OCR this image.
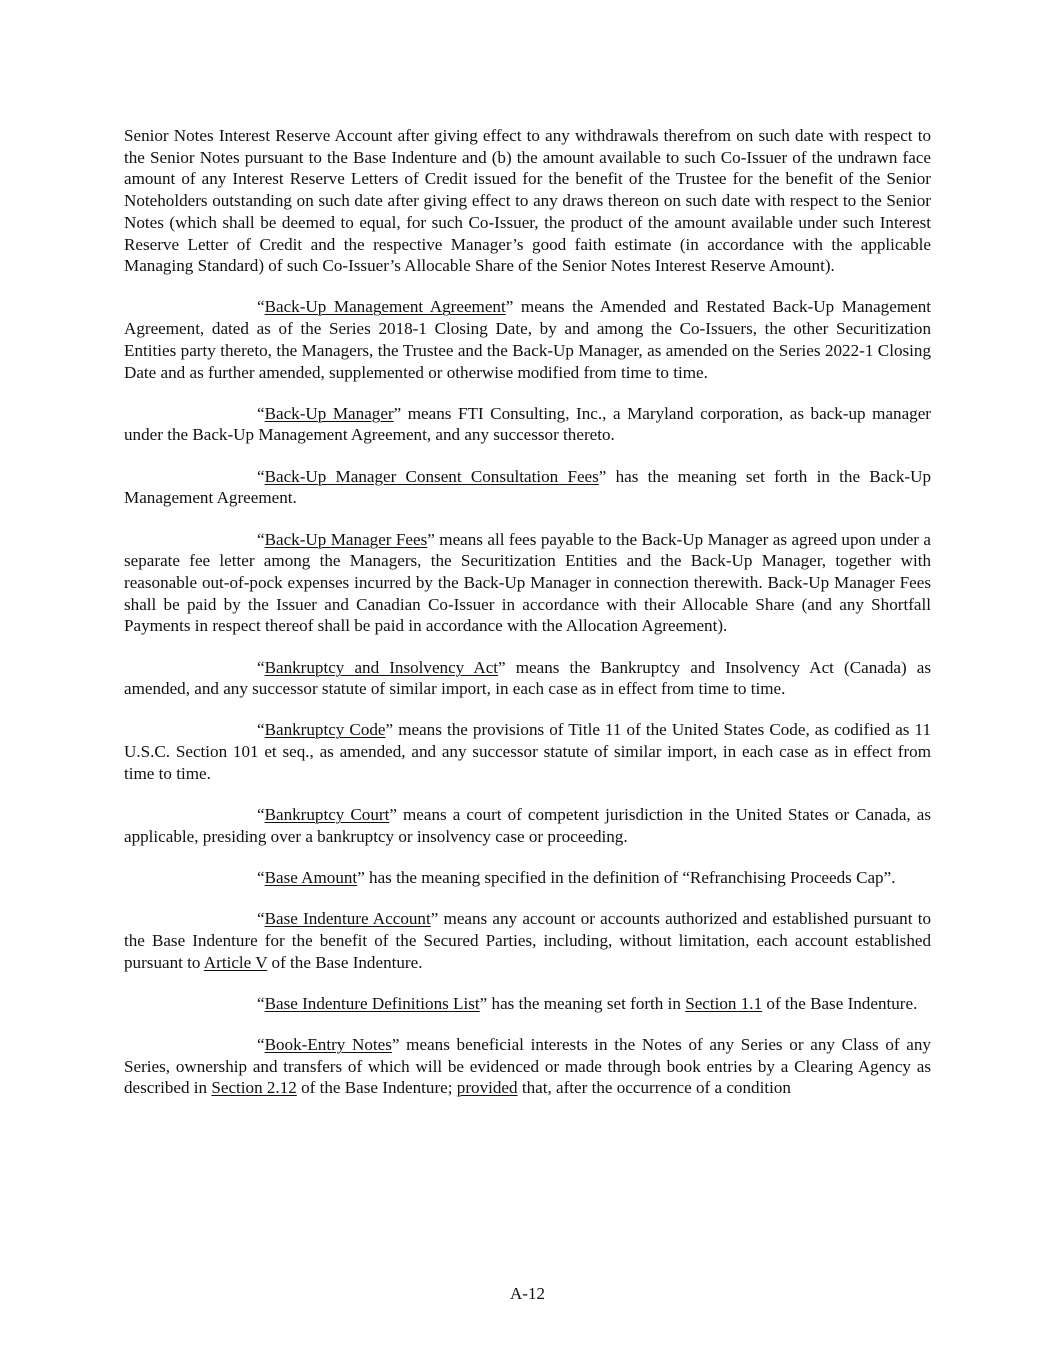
Senior Notes Interest Reserve Account after giving effect to any withdrawals therefrom on such date with respect to the Senior Notes pursuant to the Base Indenture and (b) the amount available to such Co-Issuer of the undrawn face amount of any Interest Reserve Letters of Credit issued for the benefit of the Trustee for the benefit of the Senior Noteholders outstanding on such date after giving effect to any draws thereon on such date with respect to the Senior Notes (which shall be deemed to equal, for such Co-Issuer, the product of the amount available under such Interest Reserve Letter of Credit and the respective Manager’s good faith estimate (in accordance with the applicable Managing Standard) of such Co-Issuer’s Allocable Share of the Senior Notes Interest Reserve Amount).

“Back-Up Management Agreement” means the Amended and Restated Back-Up Management Agreement, dated as of the Series 2018-1 Closing Date, by and among the Co-Issuers, the other Securitization Entities party thereto, the Managers, the Trustee and the Back-Up Manager, as amended on the Series 2022-1 Closing Date and as further amended, supplemented or otherwise modified from time to time.

“Back-Up Manager” means FTI Consulting, Inc., a Maryland corporation, as back-up manager under the Back-Up Management Agreement, and any successor thereto.

“Back-Up Manager Consent Consultation Fees” has the meaning set forth in the Back-Up Management Agreement.

“Back-Up Manager Fees” means all fees payable to the Back-Up Manager as agreed upon under a separate fee letter among the Managers, the Securitization Entities and the Back-Up Manager, together with reasonable out-of-pock expenses incurred by the Back-Up Manager in connection therewith. Back-Up Manager Fees shall be paid by the Issuer and Canadian Co-Issuer in accordance with their Allocable Share (and any Shortfall Payments in respect thereof shall be paid in accordance with the Allocation Agreement).

“Bankruptcy and Insolvency Act” means the Bankruptcy and Insolvency Act (Canada) as amended, and any successor statute of similar import, in each case as in effect from time to time.

“Bankruptcy Code” means the provisions of Title 11 of the United States Code, as codified as 11 U.S.C. Section 101 et seq., as amended, and any successor statute of similar import, in each case as in effect from time to time.

“Bankruptcy Court” means a court of competent jurisdiction in the United States or Canada, as applicable, presiding over a bankruptcy or insolvency case or proceeding.

“Base Amount” has the meaning specified in the definition of “Refranchising Proceeds Cap”.

“Base Indenture Account” means any account or accounts authorized and established pursuant to the Base Indenture for the benefit of the Secured Parties, including, without limitation, each account established pursuant to Article V of the Base Indenture.

“Base Indenture Definitions List” has the meaning set forth in Section 1.1 of the Base Indenture.

“Book-Entry Notes” means beneficial interests in the Notes of any Series or any Class of any Series, ownership and transfers of which will be evidenced or made through book entries by a Clearing Agency as described in Section 2.12 of the Base Indenture; provided that, after the occurrence of a condition

A-12
